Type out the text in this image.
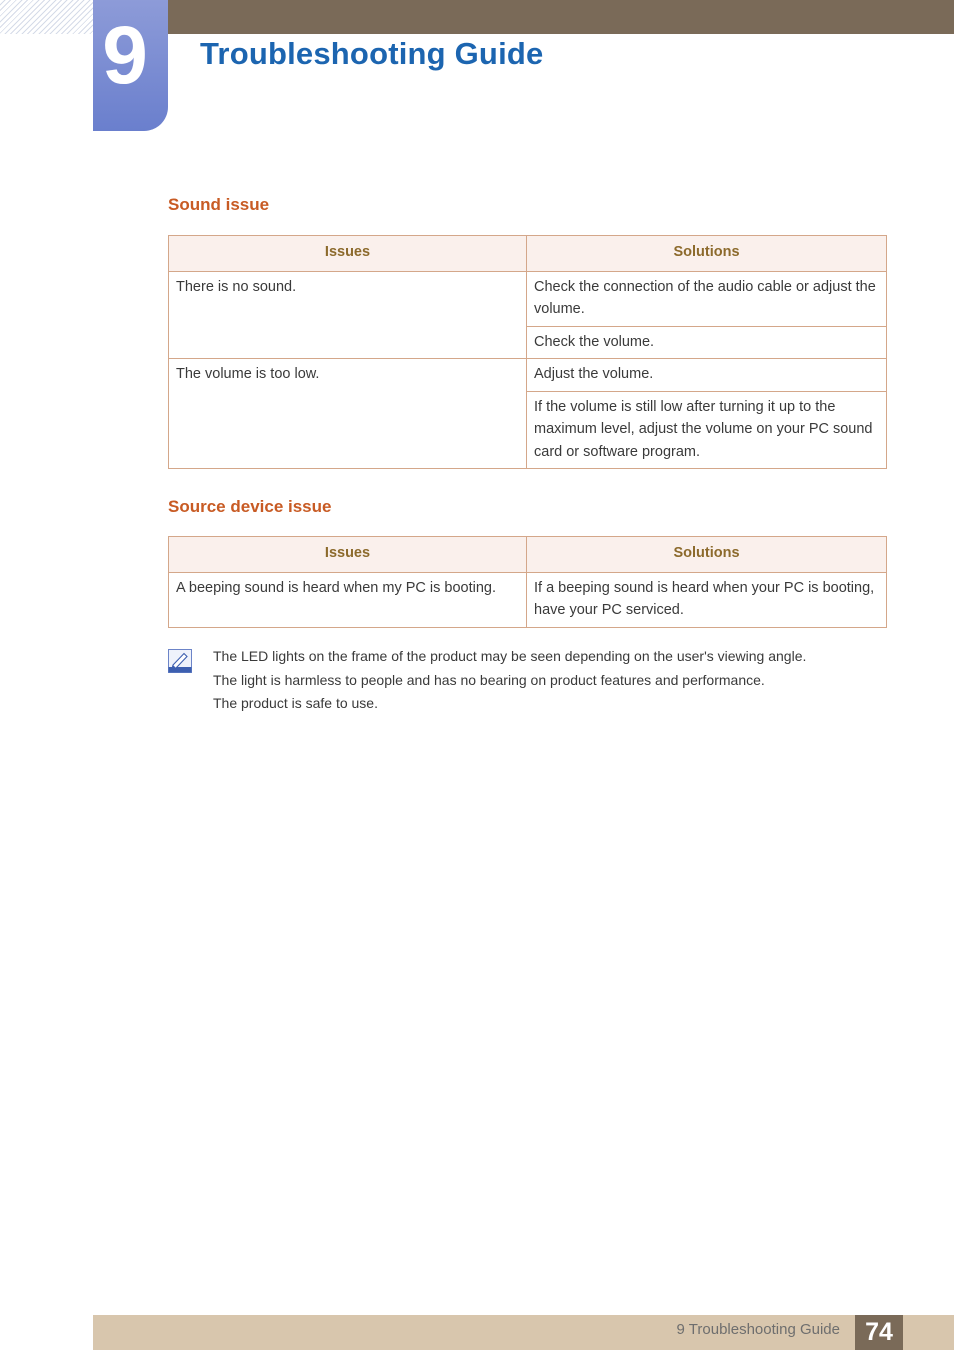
9 Troubleshooting Guide
Sound issue
Issues	Solutions
There is no sound.	Check the connection of the audio cable or adjust the volume.
	Check the volume.
The volume is too low.	Adjust the volume.
	If the volume is still low after turning it up to the maximum level, adjust the volume on your PC sound card or software program.
Source device issue
Issues	Solutions
A beeping sound is heard when my PC is booting.	If a beeping sound is heard when your PC is booting, have your PC serviced.
The LED lights on the frame of the product may be seen depending on the user's viewing angle.
The light is harmless to people and has no bearing on product features and performance.
The product is safe to use.
9 Troubleshooting Guide	74
